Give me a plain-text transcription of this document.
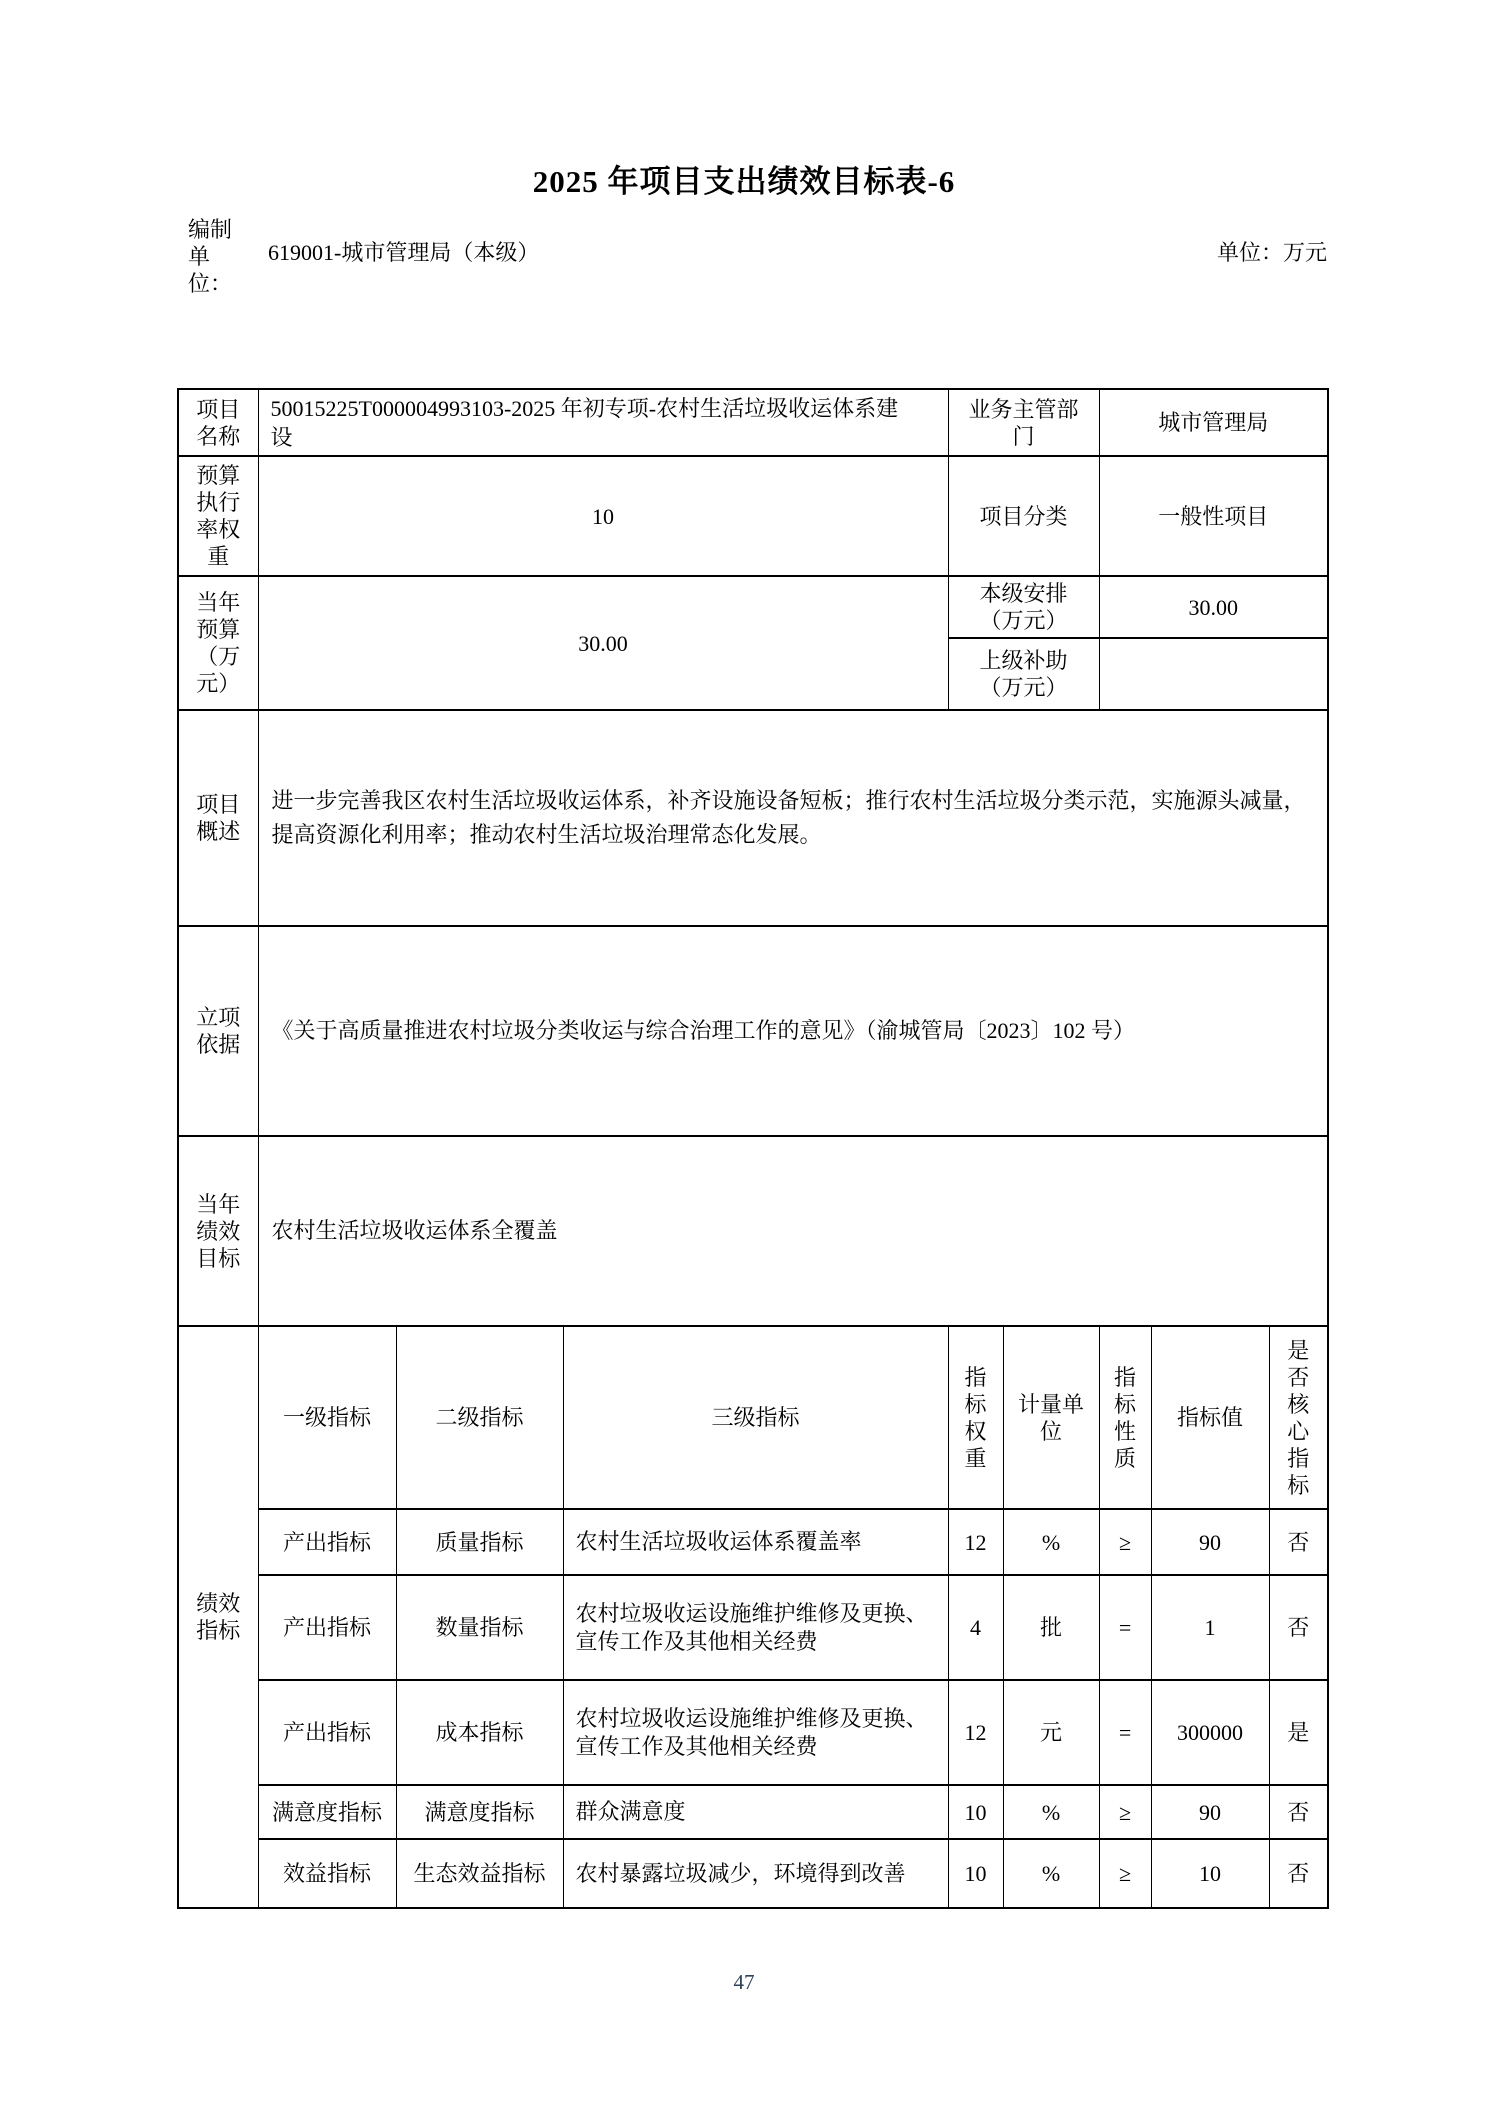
2025 年项目支出绩效目标表-6
编制单位：
619001-城市管理局（本级）	单位：万元
项目名称	50015225T000004993103-2025 年初专项-农村生活垃圾收运体系建设			业务主管部门		城市管理局		
预算执行率权重	10			项目分类		一般性项目		
当年预算（万元）	30.00			本级安排（万元）		30.00		
				上级补助（万元）				
项目概述	进一步完善我区农村生活垃圾收运体系，补齐设施设备短板；推行农村生活垃圾分类示范，实施源头减量，提高资源化利用率；推动农村生活垃圾治理常态化发展。							
立项依据	《关于高质量推进农村垃圾分类收运与综合治理工作的意见》（渝城管局〔2023〕102 号）							
当年绩效目标	农村生活垃圾收运体系全覆盖							
绩效指标	一级指标	二级指标	三级指标	指标权重	计量单位	指标性质	指标值	是否核心指标
	产出指标	质量指标	农村生活垃圾收运体系覆盖率	12	%	≥	90	否
	产出指标	数量指标	农村垃圾收运设施维护维修及更换、宣传工作及其他相关经费	4	批	=	1	否
	产出指标	成本指标	农村垃圾收运设施维护维修及更换、宣传工作及其他相关经费	12	元	=	300000	是
	满意度指标	满意度指标	群众满意度	10	%	≥	90	否
	效益指标	生态效益指标	农村暴露垃圾减少，环境得到改善	10	%	≥	10	否
47
